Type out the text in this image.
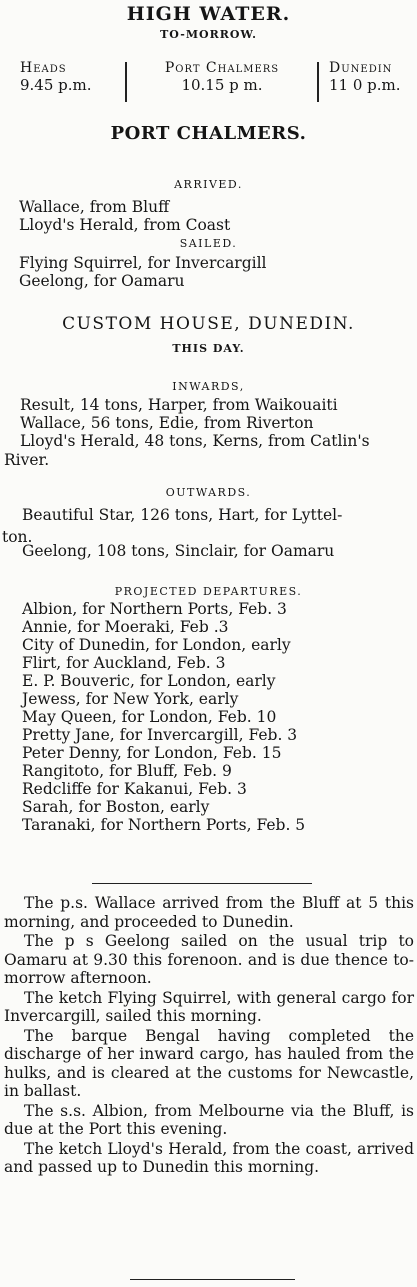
HIGH WATER.
TO-MORROW.
Heads
9.45 p.m.
Port Chalmers
10.15 p m.
Dunedin
11 0 p.m.
PORT CHALMERS.
ARRIVED.
Wallace, from Bluff
Lloyd's Herald, from Coast
SAILED.
Flying Squirrel, for Invercargill
Geelong, for Oamaru
CUSTOM HOUSE, DUNEDIN.
THIS DAY.
INWARDS,
Result, 14 tons, Harper, from Waikouaiti
Wallace, 56 tons, Edie, from Riverton
Lloyd's Herald, 48 tons, Kerns, from Catlin's
River.
OUTWARDS.
Beautiful Star, 126 tons, Hart, for Lyttel-
ton.
Geelong, 108 tons, Sinclair, for Oamaru
PROJECTED DEPARTURES.
Albion, for Northern Ports, Feb. 3
Annie, for Moeraki, Feb .3
City of Dunedin, for London, early
Flirt, for Auckland, Feb. 3
E. P. Bouveric, for London, early
Jewess, for New York, early
May Queen, for London, Feb. 10
Pretty Jane, for Invercargill, Feb. 3
Peter Denny, for London, Feb. 15
Rangitoto, for Bluff, Feb. 9
Redcliffe for Kakanui, Feb. 3
Sarah, for Boston, early
Taranaki, for Northern Ports, Feb. 5

The p.s. Wallace arrived from the Bluff at 5 this morning, and proceeded to Dunedin.

The p s Geelong sailed on the usual trip to Oamaru at 9.30 this forenoon. and is due thence to-morrow afternoon.

The ketch Flying Squirrel, with general cargo for Invercargill, sailed this morning.

The barque Bengal having completed the discharge of her inward cargo, has hauled from the hulks, and is cleared at the customs for Newcastle, in ballast.

The s.s. Albion, from Melbourne via the Bluff, is due at the Port this evening.

The ketch Lloyd's Herald, from the coast, arrived and passed up to Dunedin this morning.
